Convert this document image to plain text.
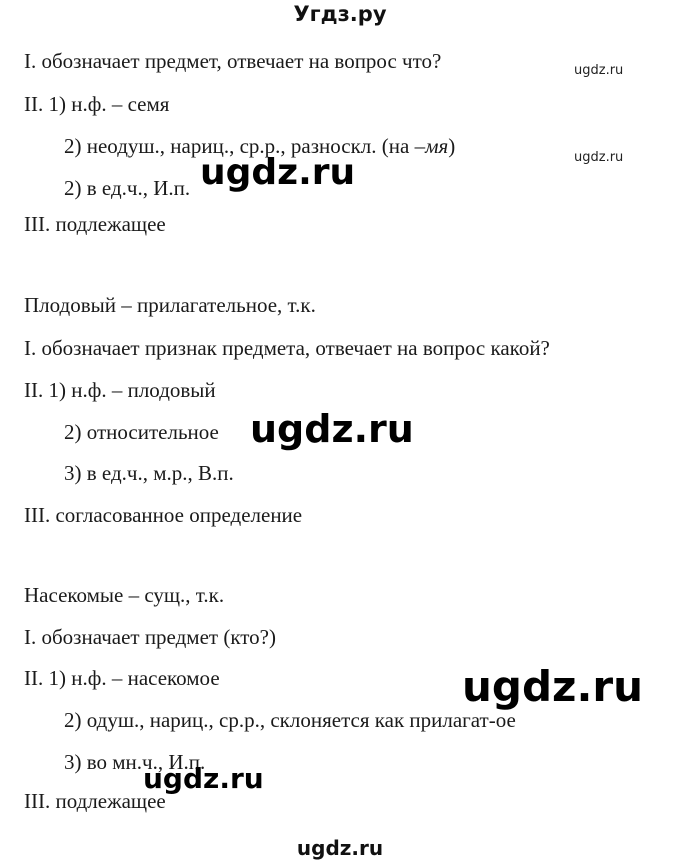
Угдз.ру
I. обозначает предмет, отвечает на вопрос что?	ugdz.ru
II. 1) н.ф. – семя
2) неодуш., нариц., ср.р., разноскл. (на –мя)	ugdz.ru
2) в ед.ч., И.п. ugdz.ru
III. подлежащее
Плодовый – прилагательное, т.к.
I. обозначает признак предмета, отвечает на вопрос какой?
II. 1) н.ф. – плодовый
2) относительное ugdz.ru
3) в ед.ч., м.р., В.п.
III. согласованное определение
Насекомые – сущ., т.к.
I. обозначает предмет (кто?)
II. 1) н.ф. – насекомое	ugdz.ru
2) одуш., нариц., ср.р., склоняется как прилагат-ое
3) во мн.ч., И.п.
ugdz.ru
III. подлежащее
ugdz.ru
